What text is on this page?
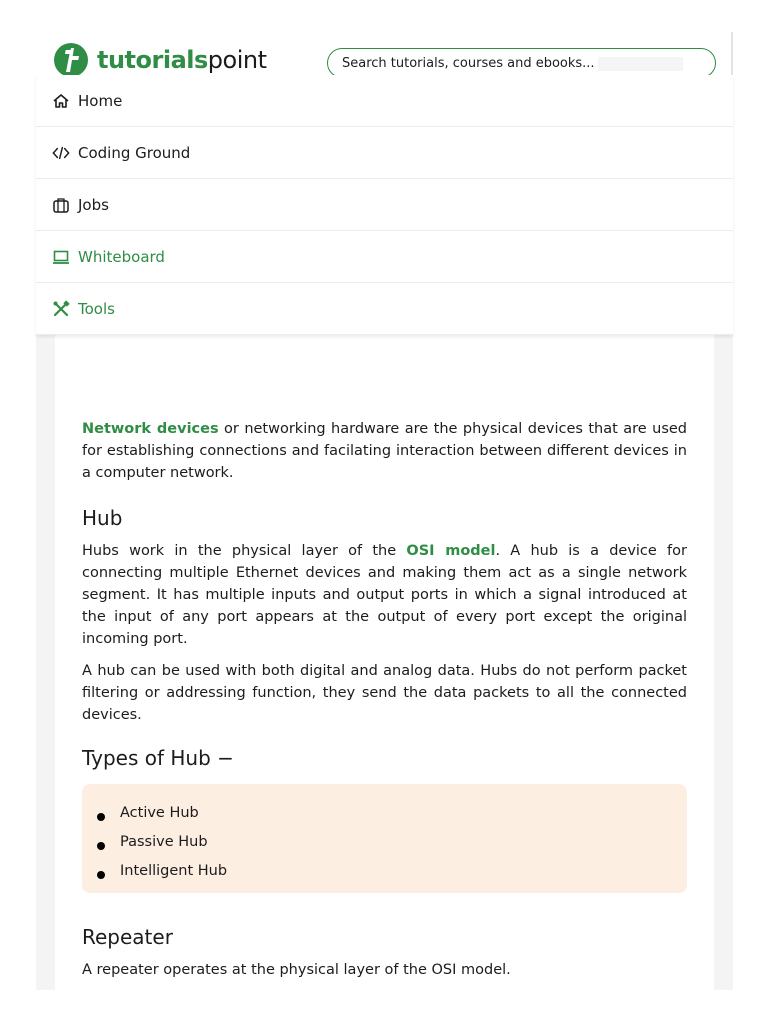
tutorialspoint	Search tutorials, courses and ebooks...
Home
Coding Ground
Jobs
Whiteboard
Tools

Network devices or networking hardware are the physical devices that are used for establishing connections and facilating interaction between different devices in a computer network.

Hub

Hubs work in the physical layer of the OSI model. A hub is a device for connecting multiple Ethernet devices and making them act as a single network segment. It has multiple inputs and output ports in which a signal introduced at the input of any port appears at the output of every port except the original incoming port.

A hub can be used with both digital and analog data. Hubs do not perform packet filtering or addressing function, they send the data packets to all the connected devices.

Types of Hub −
Active Hub
Passive Hub
Intelligent Hub
Repeater

A repeater operates at the physical layer of the OSI model.
